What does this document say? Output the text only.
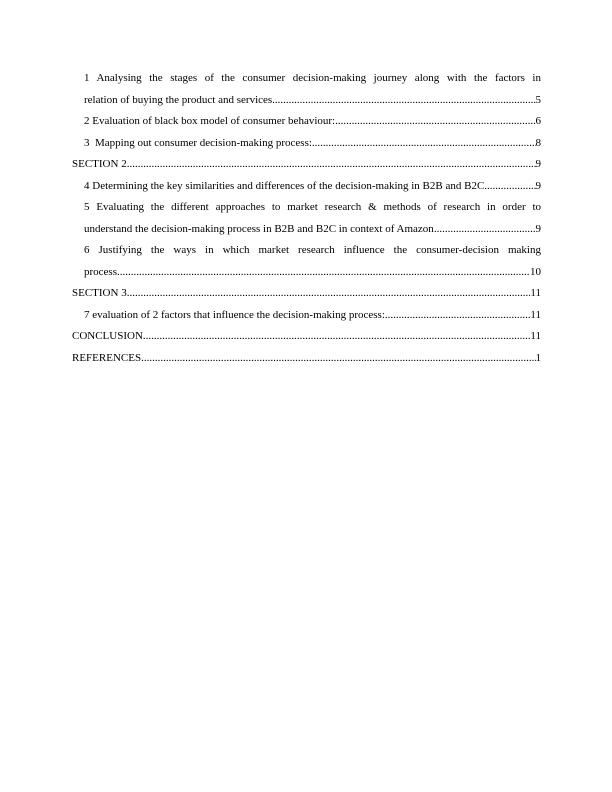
1 Analysing the stages of the consumer decision-making journey along with the factors in
relation of buying the product and services .....	5
2 Evaluation of black box model of consumer behaviour: .....	6
3  Mapping out consumer decision-making process: .....	8
SECTION 2 .....	9
4 Determining the key similarities and differences of the decision-making in B2B and B2C. .....	9
5 Evaluating the different approaches to market research & methods of research in order to
understand the decision-making process in B2B and B2C in context of Amazon .....	9
6 Justifying the ways in which market research influence the consumer-decision making
process .....	10
SECTION 3 .....	11
7 evaluation of 2 factors that influence the decision-making process: .....	11
CONCLUSION .....	11
REFERENCES .....	1
